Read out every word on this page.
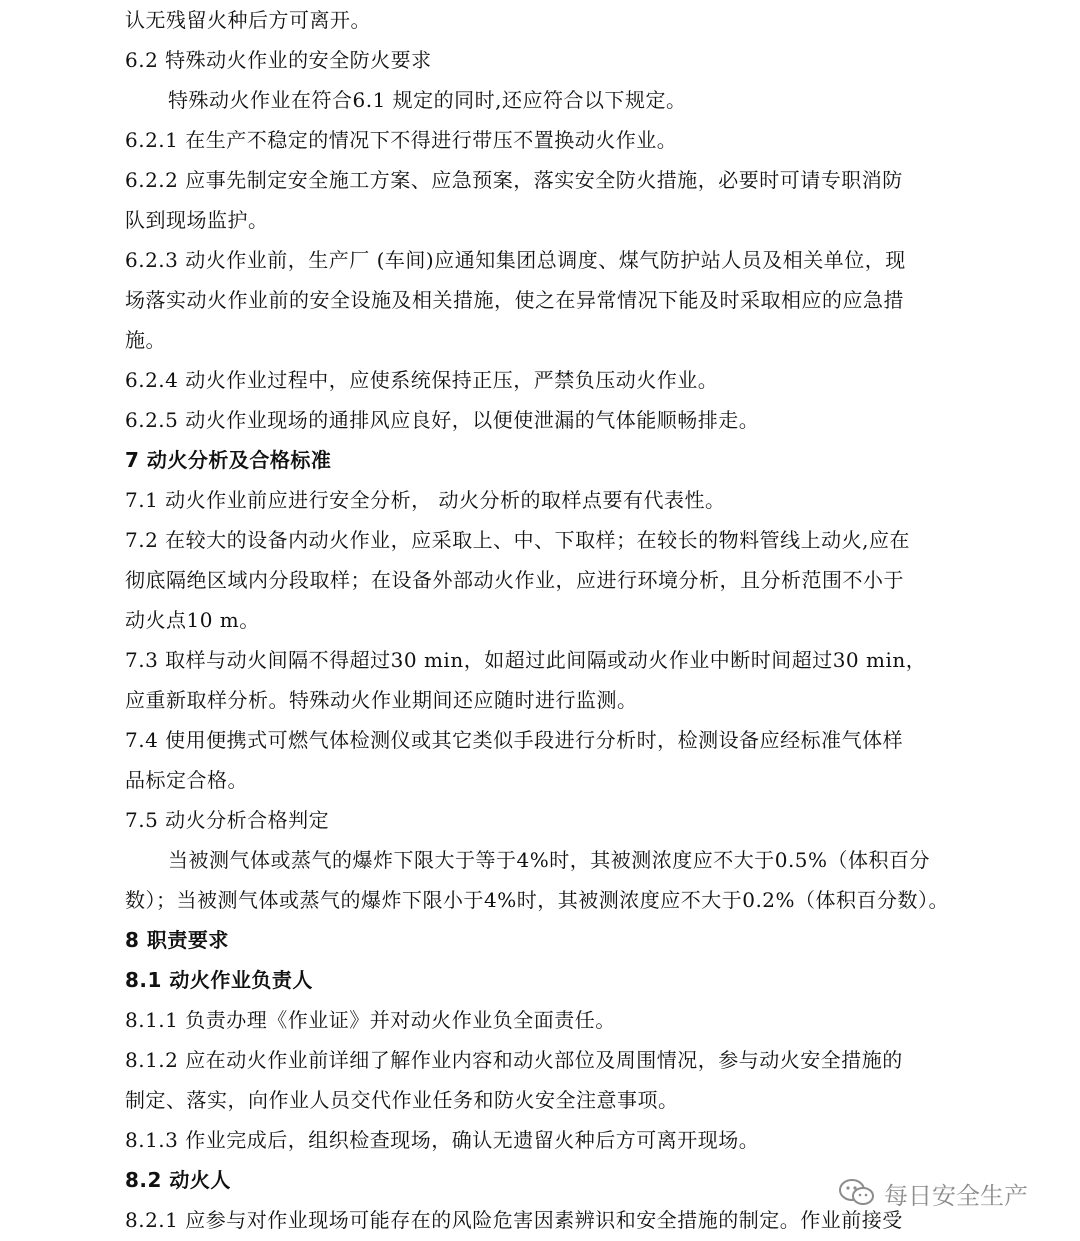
认无残留火种后方可离开。
6.2 特殊动火作业的安全防火要求
特殊动火作业在符合6.1 规定的同时,还应符合以下规定。
6.2.1 在生产不稳定的情况下不得进行带压不置换动火作业。
6.2.2 应事先制定安全施工方案、应急预案，落实安全防火措施，必要时可请专职消防
队到现场监护。
6.2.3 动火作业前，生产厂 (车间)应通知集团总调度、煤气防护站人员及相关单位，现
场落实动火作业前的安全设施及相关措施，使之在异常情况下能及时采取相应的应急措
施。
6.2.4 动火作业过程中，应使系统保持正压，严禁负压动火作业。
6.2.5 动火作业现场的通排风应良好，以便使泄漏的气体能顺畅排走。
7 动火分析及合格标准
7.1 动火作业前应进行安全分析， 动火分析的取样点要有代表性。
7.2 在较大的设备内动火作业，应采取上、中、下取样；在较长的物料管线上动火,应在
彻底隔绝区域内分段取样；在设备外部动火作业，应进行环境分析，且分析范围不小于
动火点10 m。
7.3 取样与动火间隔不得超过30 min，如超过此间隔或动火作业中断时间超过30 min，
应重新取样分析。特殊动火作业期间还应随时进行监测。
7.4 使用便携式可燃气体检测仪或其它类似手段进行分析时，检测设备应经标准气体样
品标定合格。
7.5 动火分析合格判定
当被测气体或蒸气的爆炸下限大于等于4%时，其被测浓度应不大于0.5%（体积百分
数）；当被测气体或蒸气的爆炸下限小于4%时，其被测浓度应不大于0.2%（体积百分数）。
8 职责要求
8.1 动火作业负责人
8.1.1 负责办理《作业证》并对动火作业负全面责任。
8.1.2 应在动火作业前详细了解作业内容和动火部位及周围情况，参与动火安全措施的
制定、落实，向作业人员交代作业任务和防火安全注意事项。
8.1.3 作业完成后，组织检查现场，确认无遗留火种后方可离开现场。
8.2 动火人
8.2.1 应参与对作业现场可能存在的风险危害因素辨识和安全措施的制定。作业前接受
每日安全生产
